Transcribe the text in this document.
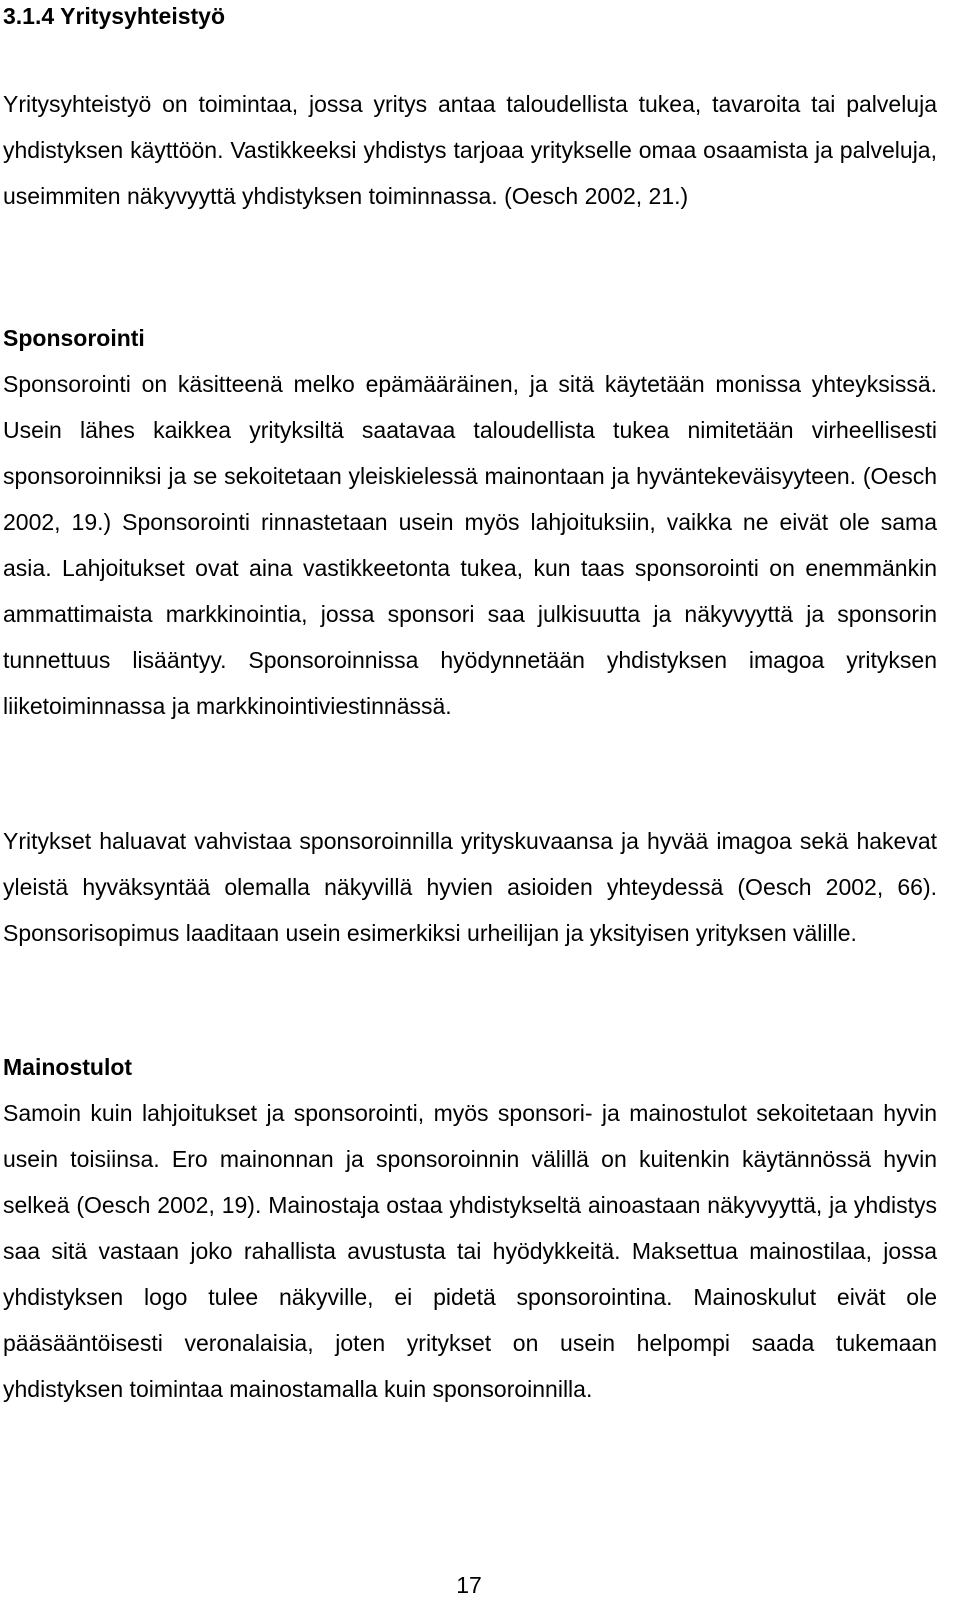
3.1.4 Yritysyhteistyö

Yritysyhteistyö on toimintaa, jossa yritys antaa taloudellista tukea, tavaroita tai palveluja yhdistyksen käyttöön. Vastikkeeksi yhdistys tarjoaa yritykselle omaa osaamista ja palveluja, useimmiten näkyvyyttä yhdistyksen toiminnassa. (Oesch 2002, 21.)

Sponsorointi

Sponsorointi on käsitteenä melko epämääräinen, ja sitä käytetään monissa yhteyksissä. Usein lähes kaikkea yrityksiltä saatavaa taloudellista tukea nimitetään virheellisesti sponsoroinniksi ja se sekoitetaan yleiskielessä mainontaan ja hyväntekeväisyyteen. (Oesch 2002, 19.) Sponsorointi rinnastetaan usein myös lahjoituksiin, vaikka ne eivät ole sama asia. Lahjoitukset ovat aina vastikkeetonta tukea, kun taas sponsorointi on enemmänkin ammattimaista markkinointia, jossa sponsori saa julkisuutta ja näkyvyyttä ja sponsorin tunnettuus lisääntyy. Sponsoroinnissa hyödynnetään yhdistyksen imagoa yrityksen liiketoiminnassa ja markkinointiviestinnässä.

Yritykset haluavat vahvistaa sponsoroinnilla yrityskuvaansa ja hyvää imagoa sekä hakevat yleistä hyväksyntää olemalla näkyvillä hyvien asioiden yhteydessä (Oesch 2002, 66). Sponsorisopimus laaditaan usein esimerkiksi urheilijan ja yksityisen yrityksen välille.

Mainostulot

Samoin kuin lahjoitukset ja sponsorointi, myös sponsori- ja mainostulot sekoitetaan hyvin usein toisiinsa. Ero mainonnan ja sponsoroinnin välillä on kuitenkin käytännössä hyvin selkeä (Oesch 2002, 19). Mainostaja ostaa yhdistykseltä ainoastaan näkyvyyttä, ja yhdistys saa sitä vastaan joko rahallista avustusta tai hyödykkeitä. Maksettua mainostilaa, jossa yhdistyksen logo tulee näkyville, ei pidetä sponsorointina. Mainoskulut eivät ole pääsääntöisesti veronalaisia, joten yritykset on usein helpompi saada tukemaan yhdistyksen toimintaa mainostamalla kuin sponsoroinnilla.

17
